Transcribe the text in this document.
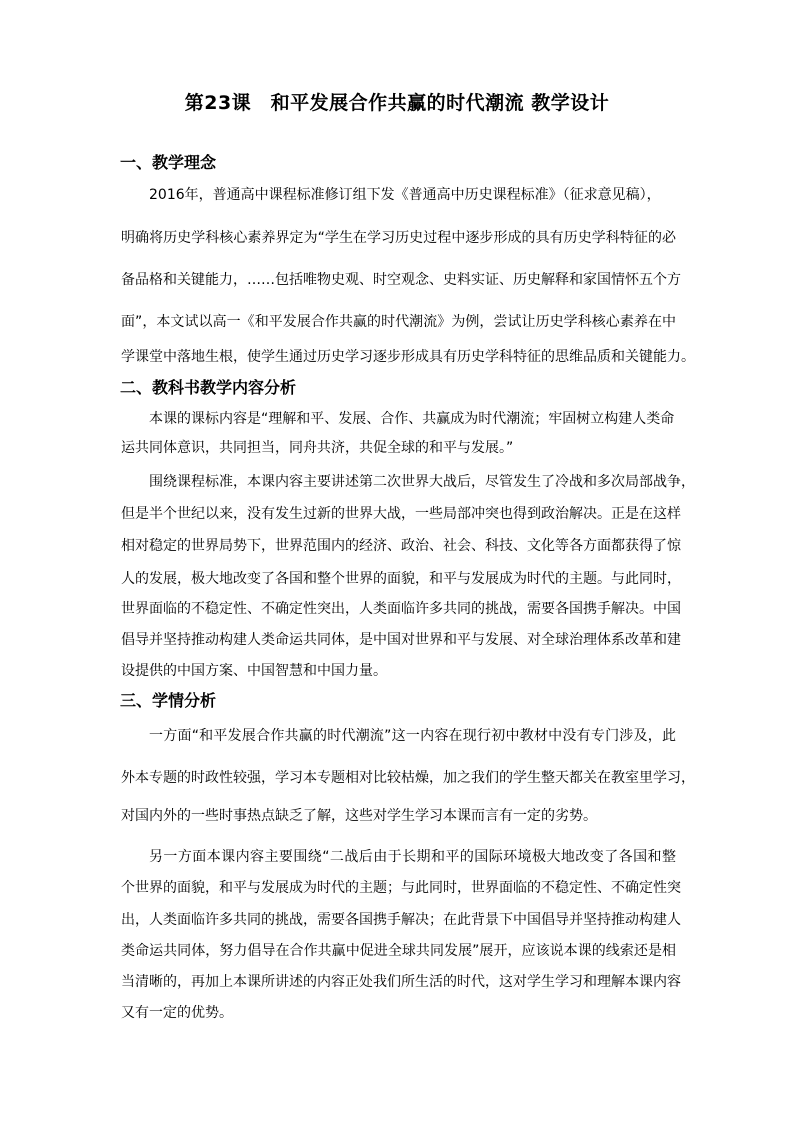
第23课　和平发展合作共赢的时代潮流 教学设计
一、教学理念
2016年，普通高中课程标准修订组下发《普通高中历史课程标准》（征求意见稿），
明确将历史学科核心素养界定为“学生在学习历史过程中逐步形成的具有历史学科特征的必
备品格和关键能力，……包括唯物史观、时空观念、史料实证、历史解释和家国情怀五个方
面”，本文试以高一《和平发展合作共赢的时代潮流》为例，尝试让历史学科核心素养在中
学课堂中落地生根，使学生通过历史学习逐步形成具有历史学科特征的思维品质和关键能力。
二、教科书教学内容分析
本课的课标内容是“理解和平、发展、合作、共赢成为时代潮流；牢固树立构建人类命
运共同体意识，共同担当，同舟共济，共促全球的和平与发展。”
围绕课程标准，本课内容主要讲述第二次世界大战后，尽管发生了冷战和多次局部战争，
但是半个世纪以来，没有发生过新的世界大战，一些局部冲突也得到政治解决。正是在这样
相对稳定的世界局势下，世界范围内的经济、政治、社会、科技、文化等各方面都获得了惊
人的发展，极大地改变了各国和整个世界的面貌，和平与发展成为时代的主题。与此同时，
世界面临的不稳定性、不确定性突出，人类面临许多共同的挑战，需要各国携手解决。中国
倡导并坚持推动构建人类命运共同体，是中国对世界和平与发展、对全球治理体系改革和建
设提供的中国方案、中国智慧和中国力量。
三、学情分析
一方面“和平发展合作共赢的时代潮流”这一内容在现行初中教材中没有专门涉及，此
外本专题的时政性较强，学习本专题相对比较枯燥，加之我们的学生整天都关在教室里学习，
对国内外的一些时事热点缺乏了解，这些对学生学习本课而言有一定的劣势。
另一方面本课内容主要围绕“二战后由于长期和平的国际环境极大地改变了各国和整
个世界的面貌，和平与发展成为时代的主题；与此同时，世界面临的不稳定性、不确定性突
出，人类面临许多共同的挑战，需要各国携手解决；在此背景下中国倡导并坚持推动构建人
类命运共同体，努力倡导在合作共赢中促进全球共同发展”展开，应该说本课的线索还是相
当清晰的，再加上本课所讲述的内容正处我们所生活的时代，这对学生学习和理解本课内容
又有一定的优势。
